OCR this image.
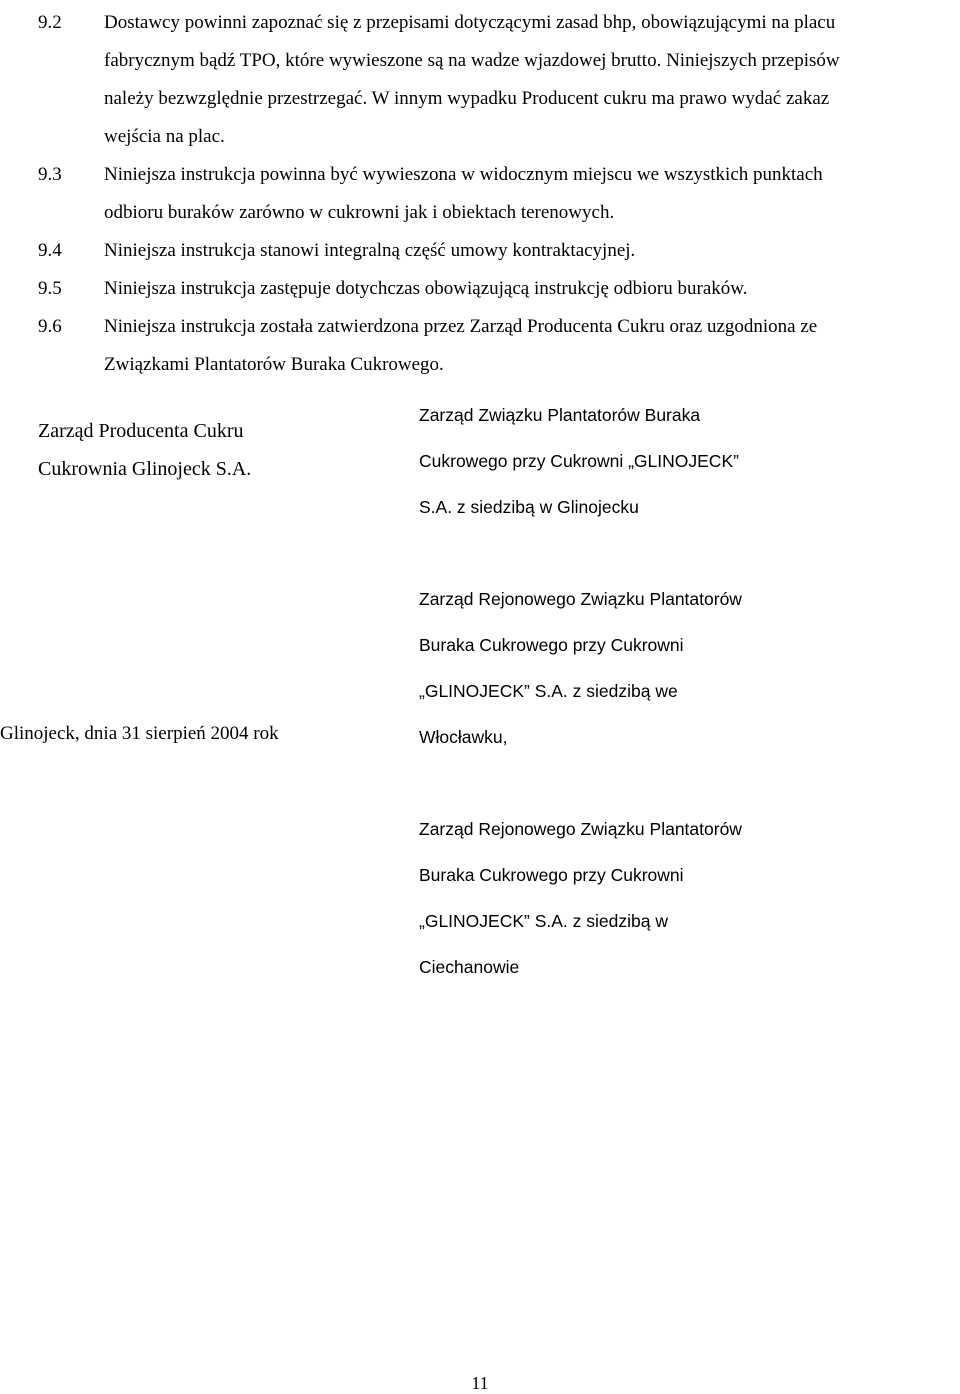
9.2	Dostawcy powinni zapoznać się z przepisami dotyczącymi zasad bhp, obowiązującymi na placu
fabrycznym bądź TPO, które wywieszone są na wadze wjazdowej brutto. Niniejszych przepisów
należy bezwzględnie przestrzegać. W innym wypadku Producent cukru ma prawo wydać zakaz
wejścia na plac.
9.3	Niniejsza instrukcja powinna być wywieszona w widocznym miejscu we wszystkich punktach
odbioru buraków zarówno w cukrowni jak i obiektach terenowych.
9.4	Niniejsza instrukcja stanowi integralną część umowy kontraktacyjnej.
9.5	Niniejsza instrukcja zastępuje dotychczas obowiązującą instrukcję odbioru buraków.
9.6	Niniejsza instrukcja została zatwierdzona przez Zarząd Producenta Cukru oraz uzgodniona ze
Związkami Plantatorów Buraka Cukrowego.
Zarząd Producenta Cukru
Cukrownia Glinojeck S.A.

Zarząd Związku Plantatorów Buraka

Cukrowego przy Cukrowni „GLINOJECK”

S.A. z siedzibą w Glinojecku

Zarząd Rejonowego Związku Plantatorów

Buraka Cukrowego przy Cukrowni

„GLINOJECK” S.A. z siedzibą we

Włocławku,

Zarząd Rejonowego Związku Plantatorów

Buraka Cukrowego przy Cukrowni

„GLINOJECK” S.A. z siedzibą w

Ciechanowie

Glinojeck, dnia 31 sierpień 2004 rok
11
